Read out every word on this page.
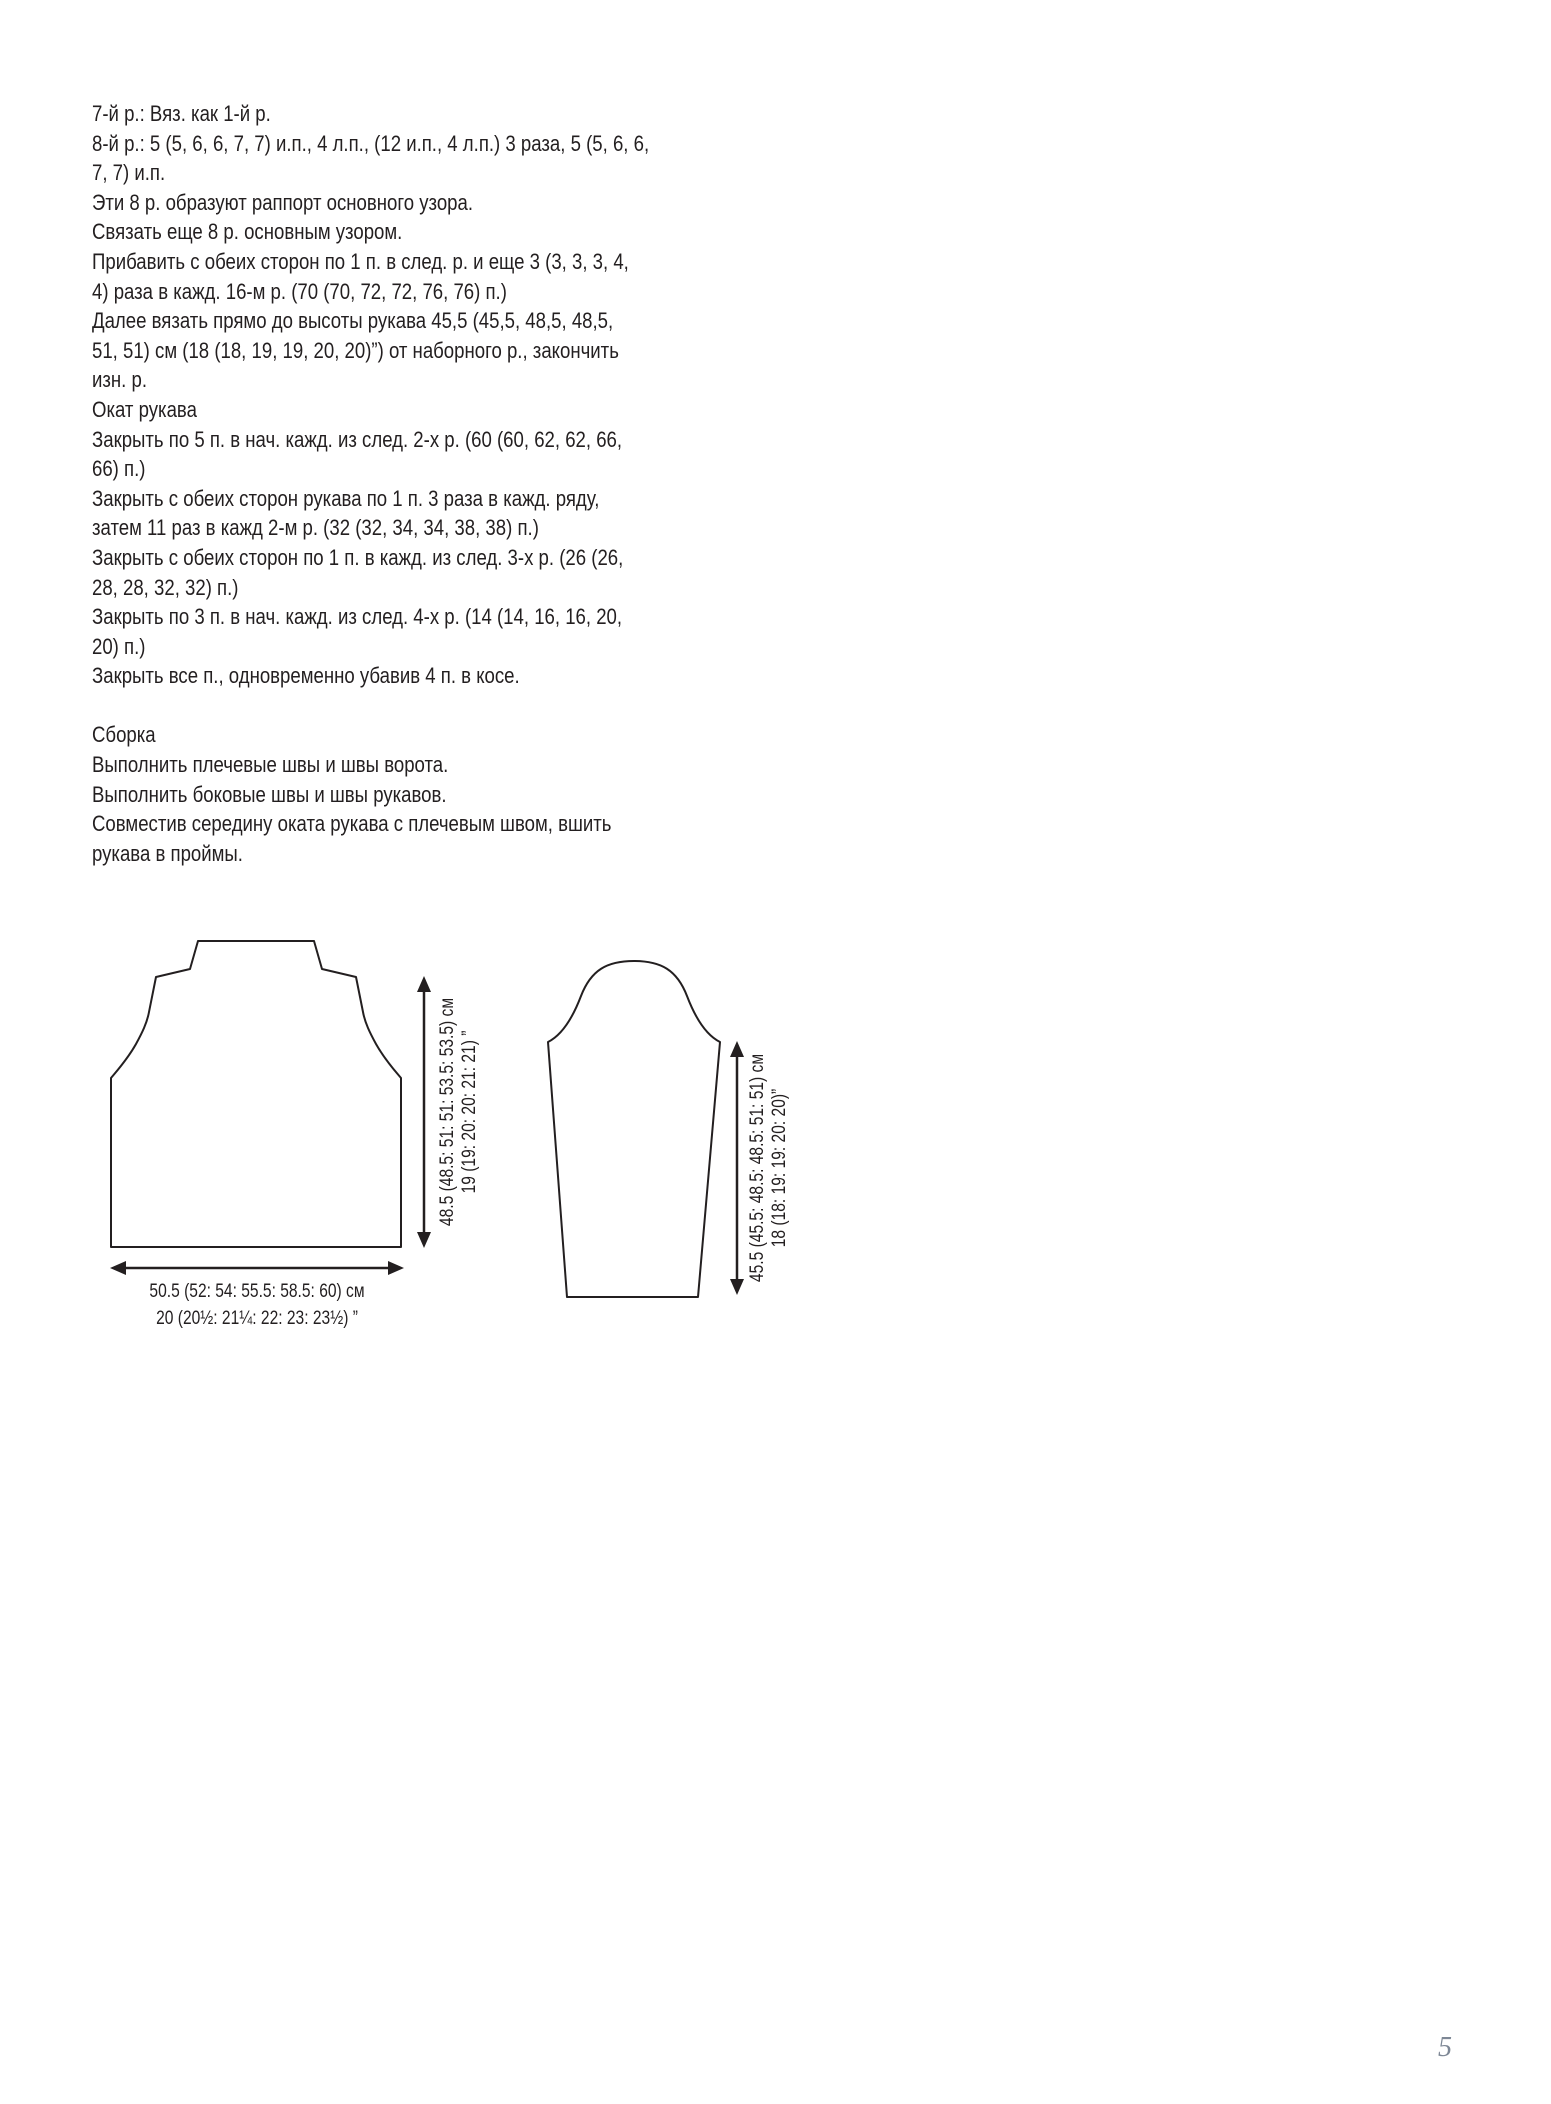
7-й р.: Вяз. как 1-й р.
8-й р.: 5 (5, 6, 6, 7, 7) и.п., 4 л.п., (12 и.п., 4 л.п.) 3 раза, 5 (5, 6, 6,
7, 7) и.п.
Эти 8 р. образуют раппорт основного узора.
Связать еще 8 р. основным узором.
Прибавить с обеих сторон по 1 п. в след. р. и еще 3 (3, 3, 3, 4,
4) раза в кажд. 16-м р. (70 (70, 72, 72, 76, 76) п.)
Далее вязать прямо до высоты рукава 45,5 (45,5, 48,5, 48,5,
51, 51) см (18 (18, 19, 19, 20, 20)”) от наборного р., закончить
изн. р.
Окат рукава
Закрыть по 5 п. в нач. кажд. из след. 2-х р. (60 (60, 62, 62, 66,
66) п.)
Закрыть с обеих сторон рукава по 1 п. 3 раза в кажд. ряду,
затем 11 раз в кажд 2-м р. (32 (32, 34, 34, 38, 38) п.)
Закрыть с обеих сторон по 1 п. в кажд. из след. 3-х р. (26 (26,
28, 28, 32, 32) п.)
Закрыть по 3 п. в нач. кажд. из след. 4-х р. (14 (14, 16, 16, 20,
20) п.)
Закрыть все п., одновременно убавив 4 п. в косе.
Сборка
Выполнить плечевые швы и швы ворота.
Выполнить боковые швы и швы рукавов.
Совместив середину оката рукава с плечевым швом, вшить
рукава в проймы.
48.5 (48.5: 51: 51: 53.5: 53.5) см 19 (19: 20: 20: 21: 21) ”
50.5 (52: 54: 55.5: 58.5: 60) см
20 (20½: 21¼: 22: 23: 23½) ”
45.5 (45.5: 48.5: 48.5: 51: 51) см 18 (18: 19: 19: 20: 20)”
5
